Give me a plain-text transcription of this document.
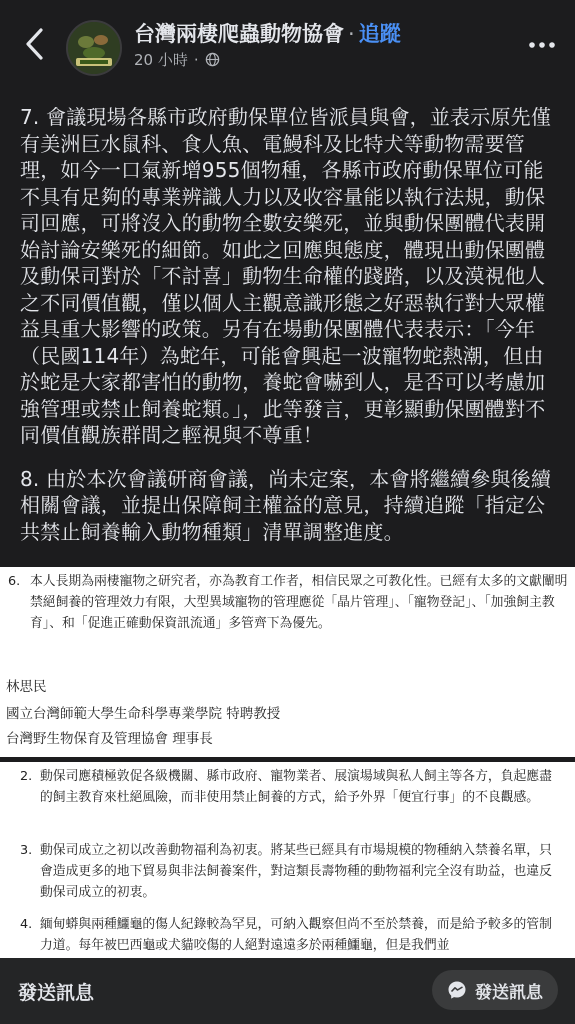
台灣兩棲爬蟲動物協會 · 追蹤
20 小時 ·

7. 會議現場各縣市政府動保單位皆派員與會，並表示原先僅有美洲巨水鼠科、食人魚、電鰻科及比特犬等動物需要管理，如今一口氣新增955個物種，各縣市政府動保單位可能不具有足夠的專業辨識人力以及收容量能以執行法規，動保司回應，可將沒入的動物全數安樂死，並與動保團體代表開始討論安樂死的細節。如此之回應與態度，體現出動保團體及動保司對於「不討喜」動物生命權的踐踏，以及漠視他人之不同價值觀，僅以個人主觀意識形態之好惡執行對大眾權益具重大影響的政策。另有在場動保團體代表表示：「今年（民國114年）為蛇年，可能會興起一波寵物蛇熱潮，但由於蛇是大家都害怕的動物，養蛇會嚇到人，是否可以考慮加強管理或禁止飼養蛇類。」，此等發言，更彰顯動保團體對不同價值觀族群間之輕視與不尊重！

8. 由於本次會議研商會議，尚未定案，本會將繼續參與後續相關會議，並提出保障飼主權益的意見，持續追蹤「指定公共禁止飼養輸入動物種類」清單調整進度。

6. 本人長期為兩棲寵物之研究者，亦為教育工作者，相信民眾之可教化性。已經有太多的文獻闡明禁絕飼養的管理效力有限，大型異域寵物的管理應從「晶片管理」、「寵物登記」、「加強飼主教育」、和「促進正確動保資訊流通」多管齊下為優先。
林思民
國立台灣師範大學生命科學專業學院 特聘教授
台灣野生物保育及管理協會 理事長
2. 動保司應積極敦促各級機關、縣市政府、寵物業者、展演場域與私人飼主等各方，負起應盡的飼主教育來杜絕風險，而非使用禁止飼養的方式，給予外界「便宜行事」的不良觀感。
3. 動保司成立之初以改善動物福利為初衷。將某些已經具有市場規模的物種納入禁養名單，只會造成更多的地下貿易與非法飼養案件，對這類長壽物種的動物福利完全沒有助益，也違反動保司成立的初衷。
4. 緬甸蟒與兩種鱷龜的傷人紀錄較為罕見，可納入觀察但尚不至於禁養，而是給予較多的管制力道。每年被巴西龜或犬貓咬傷的人絕對遠遠多於兩種鱷龜，但是我們並
發送訊息	發送訊息
